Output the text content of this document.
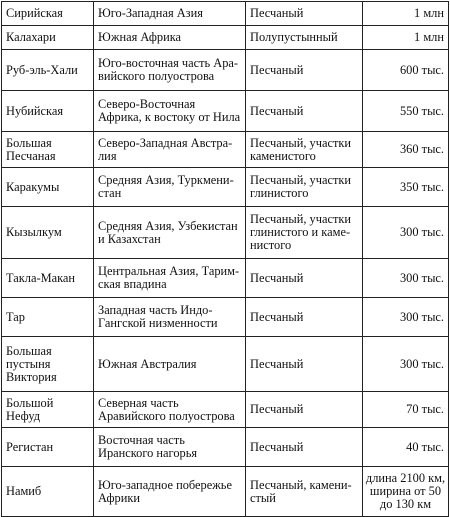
Сирийская	Юго-Западная Азия	Песчаный	1 млн
Калахари	Южная Африка	Полупустынный	1 млн
Руб-эль-Хали	Юго-восточная часть Аравийского полуострова	Песчаный	600 тыс.
Нубийская	Северо-Восточная Африка, к востоку от Нила	Песчаный	550 тыс.
Большая Песчаная	Северо-Западная Австралия	Песчаный, участки каменистого	360 тыс.
Каракумы	Средняя Азия, Туркменистан	Песчаный, участки глинистого	350 тыс.
Кызылкум	Средняя Азия, Узбекистан и Казахстан	Песчаный, участки глинистого и каменистого	300 тыс.
Такла-Макан	Центральная Азия, Таримская впадина	Песчаный	300 тыс.
Тар	Западная часть Индо-Гангской низменности	Песчаный	300 тыс.
Большая пустыня Виктория	Южная Австралия	Песчаный	300 тыс.
Большой Нефуд	Северная часть Аравийского полуострова	Песчаный	70 тыс.
Регистан	Восточная часть Иранского нагорья	Песчаный	40 тыс.
Намиб	Юго-западное побережье Африки	Песчаный, каменистый	длина 2100 км, ширина от 50 до 130 км
